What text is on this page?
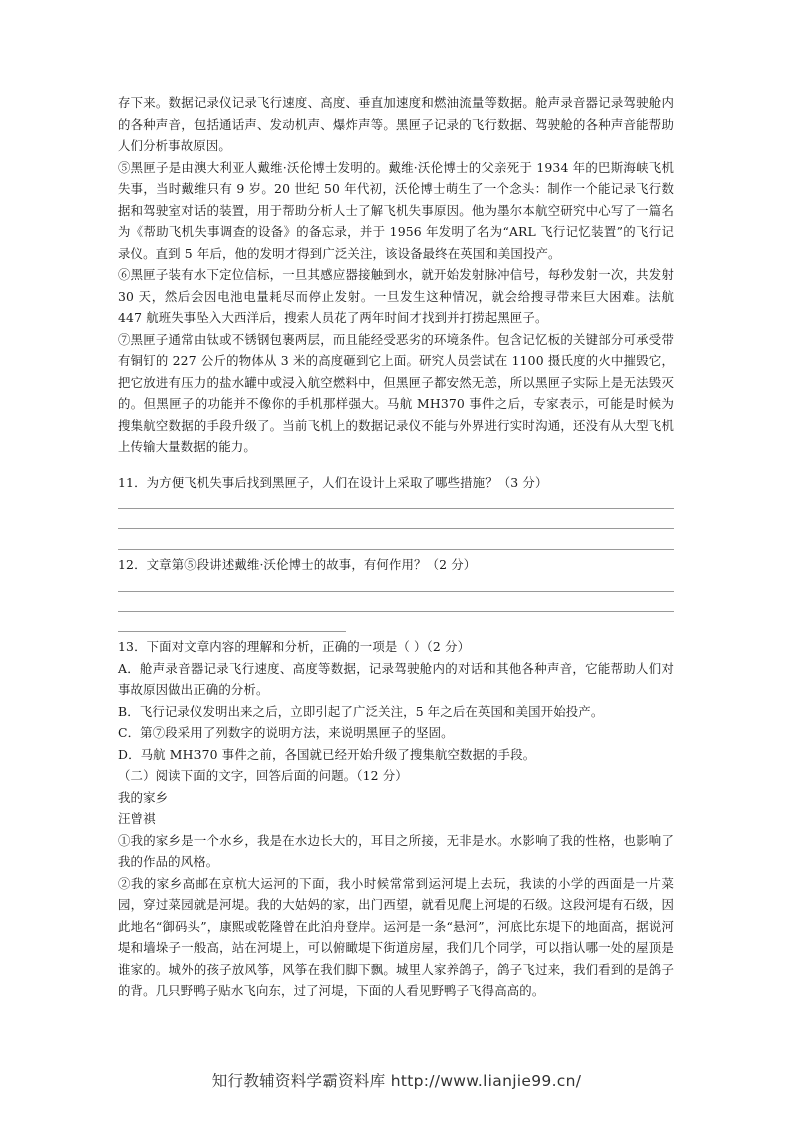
存下来。数据记录仪记录飞行速度、高度、垂直加速度和燃油流量等数据。舱声录音器记录驾驶舱内的各种声音，包括通话声、发动机声、爆炸声等。黑匣子记录的飞行数据、驾驶舱的各种声音能帮助人们分析事故原因。

⑤黑匣子是由澳大利亚人戴维·沃伦博士发明的。戴维·沃伦博士的父亲死于 1934 年的巴斯海峡飞机失事，当时戴维只有 9 岁。20 世纪 50 年代初，沃伦博士萌生了一个念头：制作一个能记录飞行数据和驾驶室对话的装置，用于帮助分析人士了解飞机失事原因。他为墨尔本航空研究中心写了一篇名为《帮助飞机失事调查的设备》的备忘录，并于 1956 年发明了名为“ARL 飞行记忆装置”的飞行记录仪。直到 5 年后，他的发明才得到广泛关注，该设备最终在英国和美国投产。

⑥黑匣子装有水下定位信标，一旦其感应器接触到水，就开始发射脉冲信号，每秒发射一次，共发射 30 天，然后会因电池电量耗尽而停止发射。一旦发生这种情况，就会给搜寻带来巨大困难。法航 447 航班失事坠入大西洋后，搜索人员花了两年时间才找到并打捞起黑匣子。

⑦黑匣子通常由钛或不锈钢包裹两层，而且能经受恶劣的环境条件。包含记忆板的关键部分可承受带有铜钉的 227 公斤的物体从 3 米的高度砸到它上面。研究人员尝试在 1100 摄氏度的火中摧毁它，把它放进有压力的盐水罐中或浸入航空燃料中，但黑匣子都安然无恙，所以黑匣子实际上是无法毁灭的。但黑匣子的功能并不像你的手机那样强大。马航 MH370 事件之后，专家表示，可能是时候为搜集航空数据的手段升级了。当前飞机上的数据记录仪不能与外界进行实时沟通，还没有从大型飞机上传输大量数据的能力。

11．为方便飞机失事后找到黑匣子，人们在设计上采取了哪些措施？（3 分）

12．文章第⑤段讲述戴维·沃伦博士的故事，有何作用？（2 分）

13．下面对文章内容的理解和分析，正确的一项是（ ）（2 分）

A．舱声录音器记录飞行速度、高度等数据，记录驾驶舱内的对话和其他各种声音，它能帮助人们对事故原因做出正确的分析。

B．飞行记录仪发明出来之后，立即引起了广泛关注，5 年之后在英国和美国开始投产。

C．第⑦段采用了列数字的说明方法，来说明黑匣子的坚固。

D．马航 MH370 事件之前，各国就已经开始升级了搜集航空数据的手段。

（二）阅读下面的文字，回答后面的问题。（12 分）

我的家乡

汪曾祺

①我的家乡是一个水乡，我是在水边长大的，耳目之所接，无非是水。水影响了我的性格，也影响了我的作品的风格。

②我的家乡高邮在京杭大运河的下面，我小时候常常到运河堤上去玩，我读的小学的西面是一片菜园，穿过菜园就是河堤。我的大姑妈的家，出门西望，就看见爬上河堤的石级。这段河堤有石级，因此地名“御码头”，康熙或乾隆曾在此泊舟登岸。运河是一条“悬河”，河底比东堤下的地面高，据说河堤和墙垛子一般高，站在河堤上，可以俯瞰堤下街道房屋，我们几个同学，可以指认哪一处的屋顶是谁家的。城外的孩子放风筝，风筝在我们脚下飘。城里人家养鸽子，鸽子飞过来，我们看到的是鸽子的背。几只野鸭子贴水飞向东，过了河堤，下面的人看见野鸭子飞得高高的。

知行教辅资料学霸资料库 http://www.lianjie99.cn/
